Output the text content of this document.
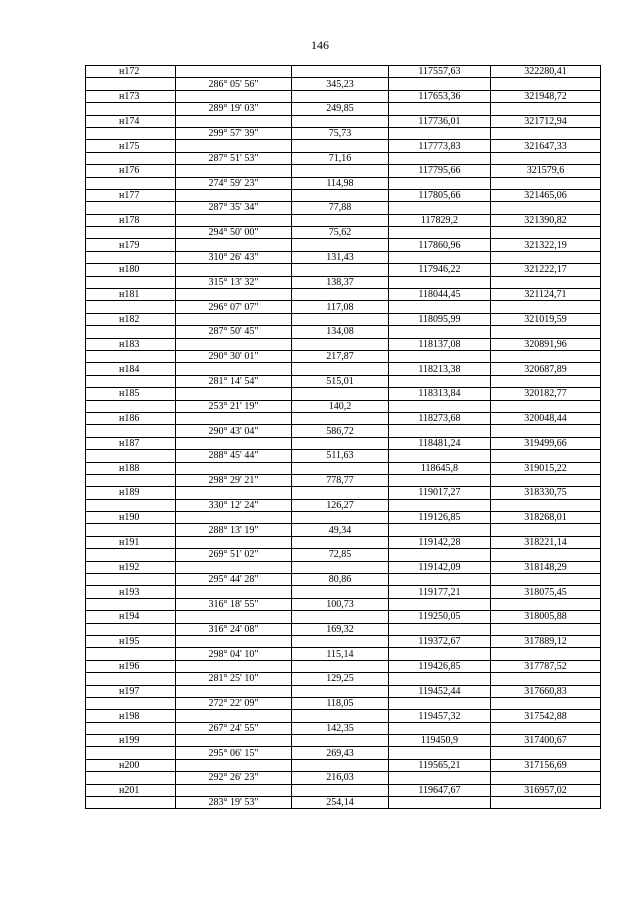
146
н172			117557,63	322280,41
	286° 05' 56"	345,23		
н173			117653,36	321948,72
	289° 19' 03"	249,85		
н174			117736,01	321712,94
	299° 57' 39"	75,73		
н175			117773,83	321647,33
	287° 51' 53"	71,16		
н176			117795,66	321579,6
	274° 59' 23"	114,98		
н177			117805,66	321465,06
	287° 35' 34"	77,88		
н178			117829,2	321390,82
	294° 50' 00"	75,62		
н179			117860,96	321322,19
	310° 26' 43"	131,43		
н180			117946,22	321222,17
	315° 13' 32"	138,37		
н181			118044,45	321124,71
	296° 07' 07"	117,08		
н182			118095,99	321019,59
	287° 50' 45"	134,08		
н183			118137,08	320891,96
	290° 30' 01"	217,87		
н184			118213,38	320687,89
	281° 14' 54"	515,01		
н185			118313,84	320182,77
	253° 21' 19"	140,2		
н186			118273,68	320048,44
	290° 43' 04"	586,72		
н187			118481,24	319499,66
	288° 45' 44"	511,63		
н188			118645,8	319015,22
	298° 29' 21"	778,77		
н189			119017,27	318330,75
	330° 12' 24"	126,27		
н190			119126,85	318268,01
	288° 13' 19"	49,34		
н191			119142,28	318221,14
	269° 51' 02"	72,85		
н192			119142,09	318148,29
	295° 44' 28"	80,86		
н193			119177,21	318075,45
	316° 18' 55"	100,73		
н194			119250,05	318005,88
	316° 24' 08"	169,32		
н195			119372,67	317889,12
	298° 04' 10"	115,14		
н196			119426,85	317787,52
	281° 25' 10"	129,25		
н197			119452,44	317660,83
	272° 22' 09"	118,05		
н198			119457,32	317542,88
	267° 24' 55"	142,35		
н199			119450,9	317400,67
	295° 06' 15"	269,43		
н200			119565,21	317156,69
	292° 26' 23"	216,03		
н201			119647,67	316957,02
	283° 19' 53"	254,14		
